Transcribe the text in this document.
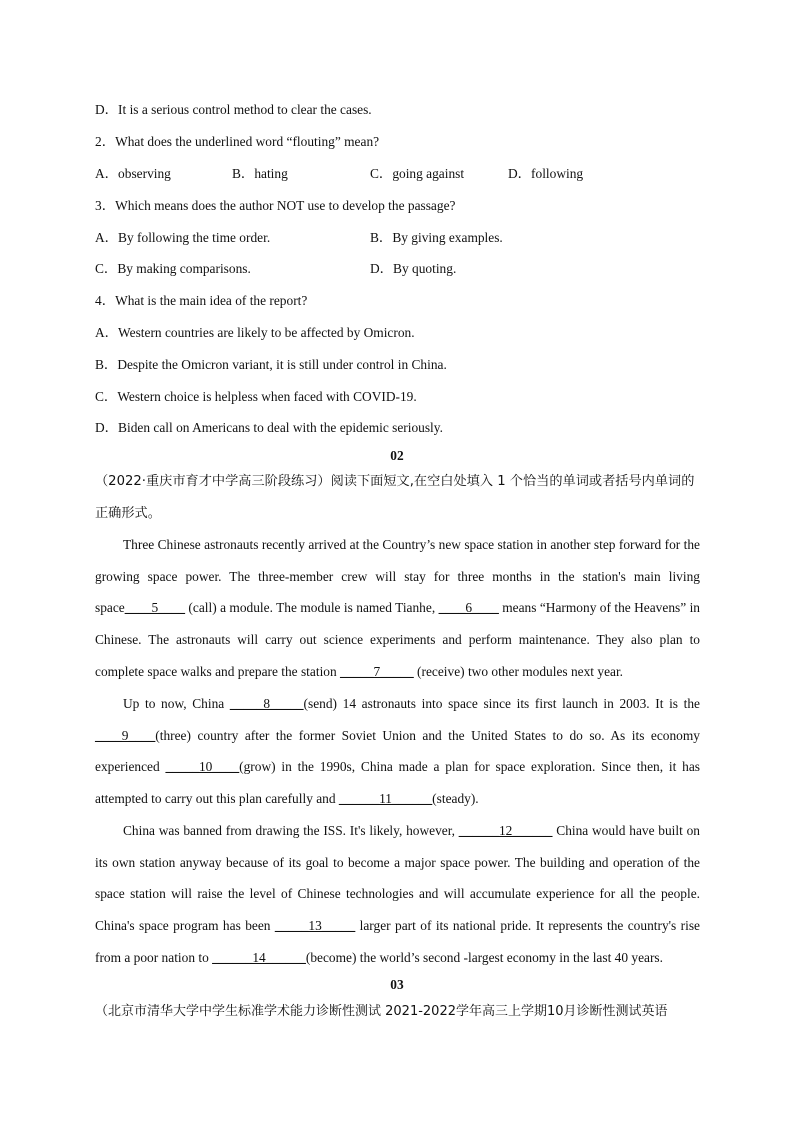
D．It is a serious control method to clear the cases.
2．What does the underlined word “flouting” mean?
A．observing	B．hating	C．going against	D．following
3．Which means does the author NOT use to develop the passage?
A．By following the time order.	B．By giving examples.
C．By making comparisons.	D．By quoting.
4．What is the main idea of the report?
A．Western countries are likely to be affected by Omicron.
B．Despite the Omicron variant, it is still under control in China.
C．Western choice is helpless when faced with COVID-19.
D．Biden call on Americans to deal with the epidemic seriously.
02
（2022·重庆市育才中学高三阶段练习）阅读下面短文,在空白处填入 1 个恰当的单词或者括号内单词的正确形式。
Three Chinese astronauts recently arrived at the Country’s new space station in another step forward for the growing space power. The three-member crew will stay for three months in the station's main living space____5____ (call) a module. The module is named Tianhe, ____6____ means “Harmony of the Heavens” in Chinese. The astronauts will carry out science experiments and perform maintenance. They also plan to complete space walks and prepare the station _____7_____ (receive) two other modules next year.
Up to now, China _____8_____(send) 14 astronauts into space since its first launch in 2003. It is the ____9____(three) country after the former Soviet Union and the United States to do so. As its economy experienced _____10____(grow) in the 1990s, China made a plan for space exploration. Since then, it has attempted to carry out this plan carefully and ______11______(steady).
China was banned from drawing the ISS. It's likely, however, ______12______ China would have built on its own station anyway because of its goal to become a major space power. The building and operation of the space station will raise the level of Chinese technologies and will accumulate experience for all the people. China's space program has been _____13_____ larger part of its national pride. It represents the country's rise from a poor nation to ______14______(become) the world’s second -largest economy in the last 40 years.
03
（北京市清华大学中学生标准学术能力诊断性测试 2021-2022学年高三上学期10月诊断性测试英语
